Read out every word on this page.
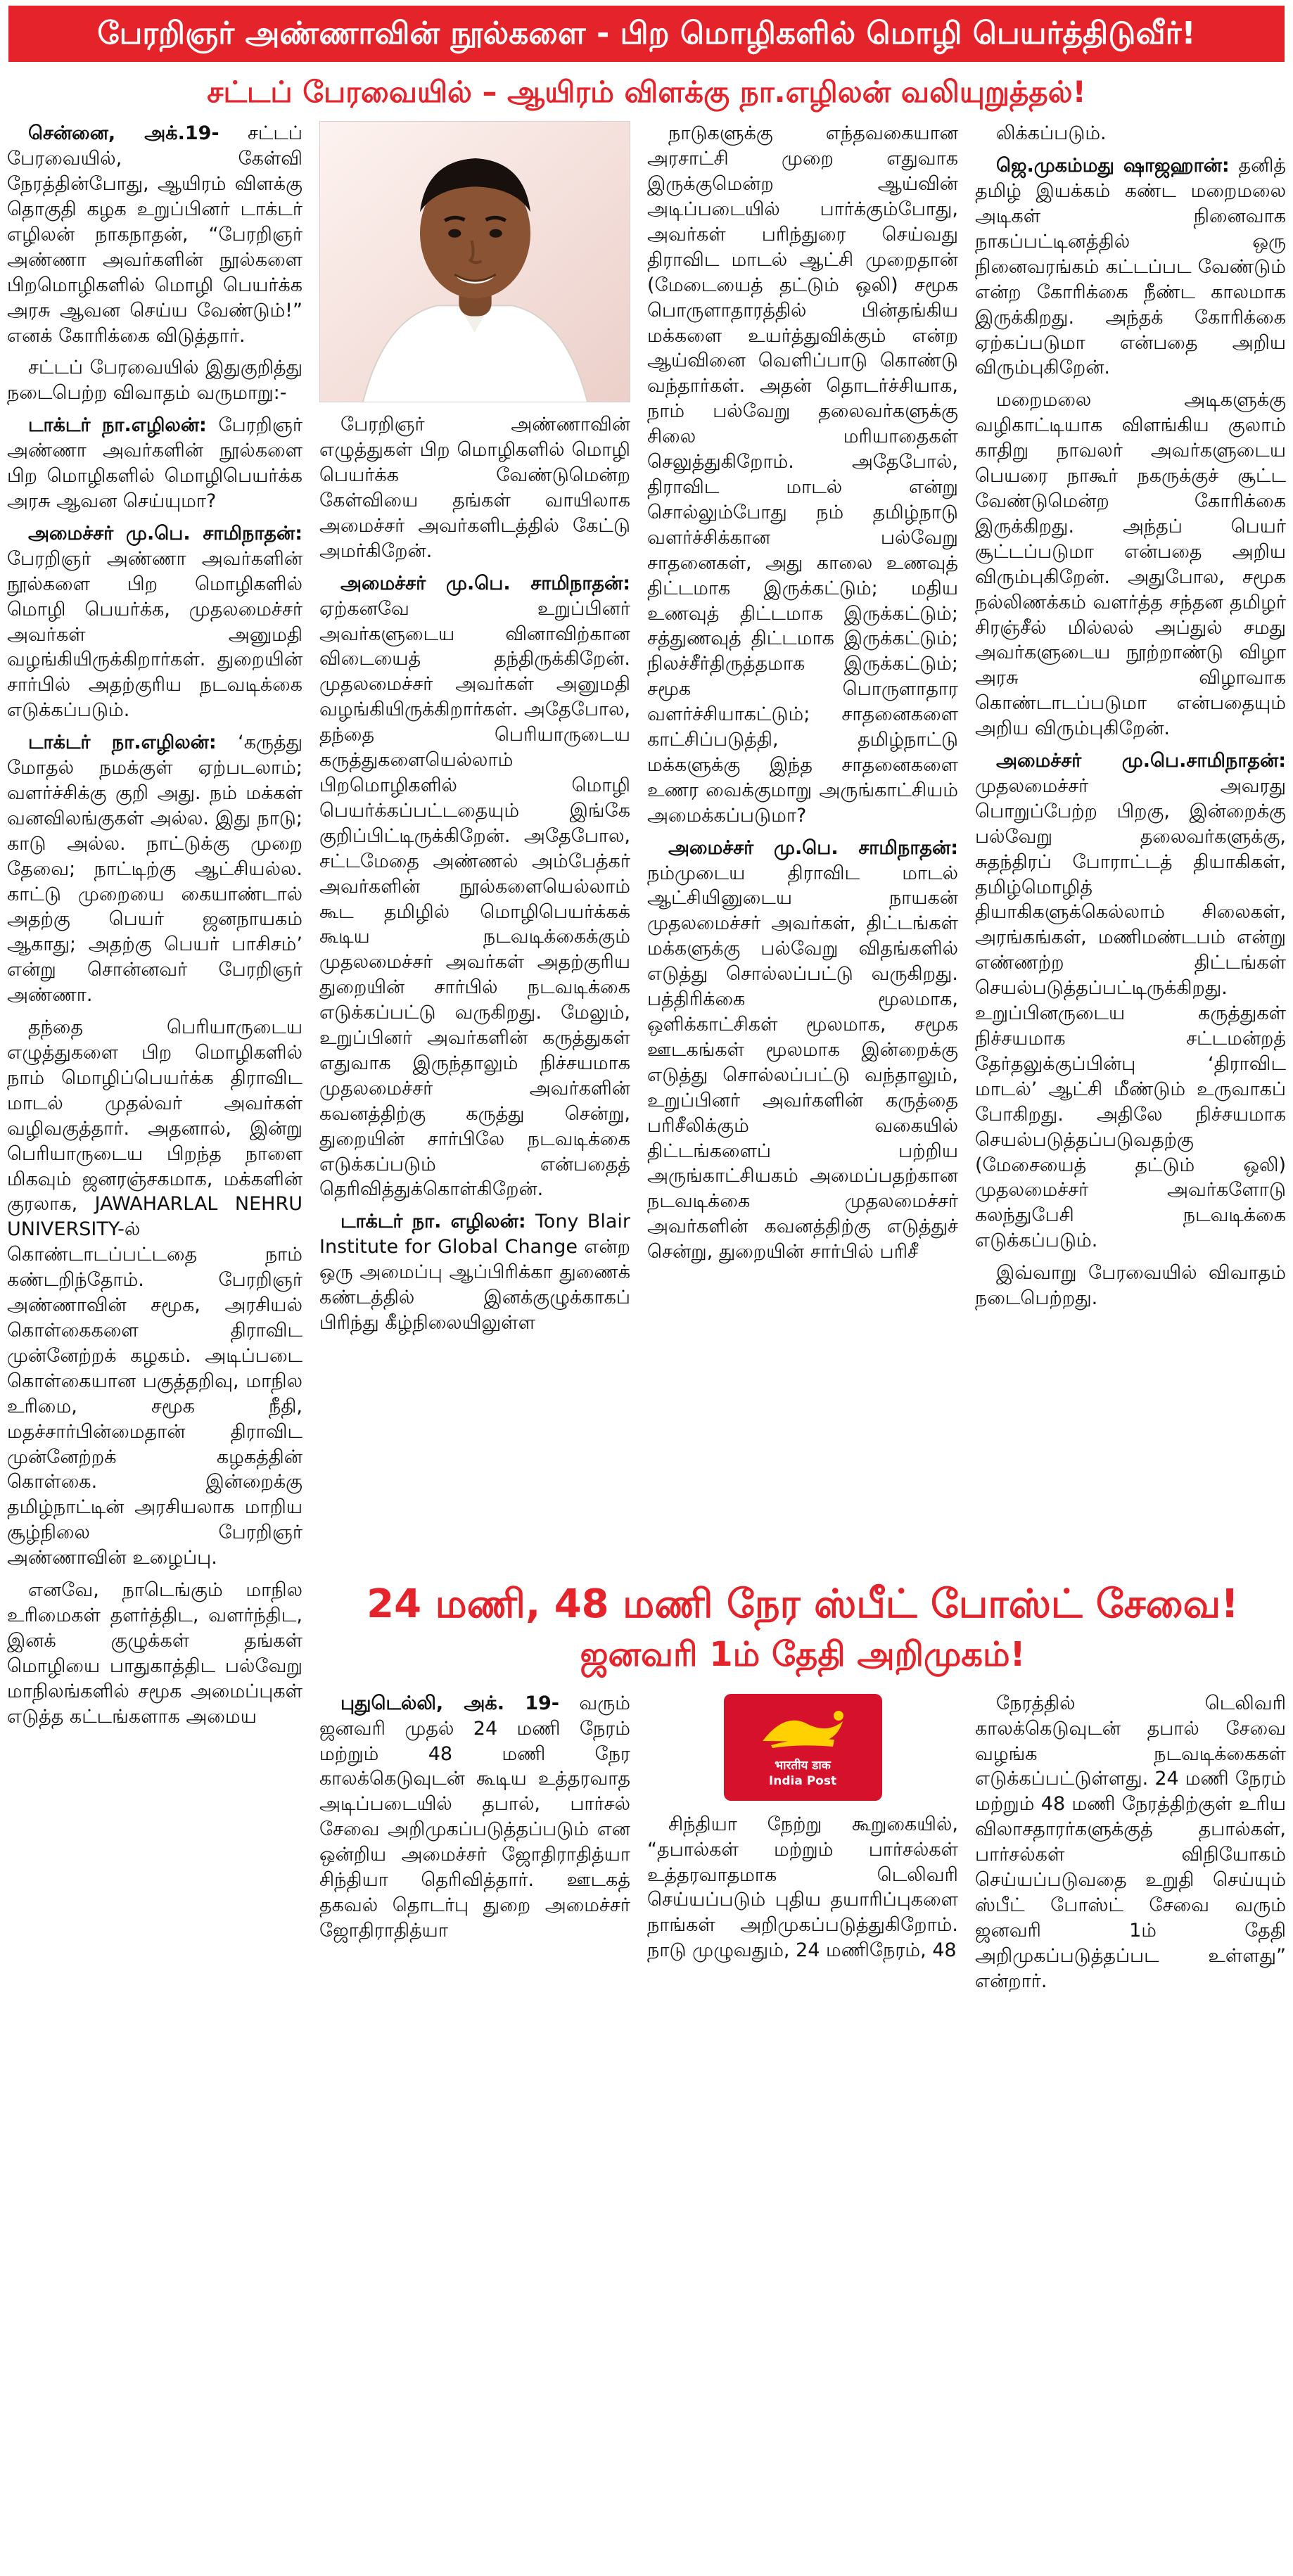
பேரறிஞர் அண்ணாவின் நூல்களை - பிற மொழிகளில் மொழி பெயர்த்திடுவீர்!
சட்டப் பேரவையில் – ஆயிரம் விளக்கு நா.எழிலன் வலியுறுத்தல்!

சென்னை, அக்.19- சட்டப் பேரவையில், கேள்வி நேரத்தின்போது, ஆயிரம் விளக்கு தொகுதி கழக உறுப்பினர் டாக்டர் எழிலன் நாகநாதன், “பேரறிஞர் அண்ணா அவர்களின் நூல்களை பிறமொழிகளில் மொழி பெயர்க்க அரசு ஆவன செய்ய வேண்டும்!” எனக் கோரிக்கை விடுத்தார்.

சட்டப் பேரவையில் இதுகுறித்து நடைபெற்ற விவாதம் வருமாறு:-

டாக்டர் நா.எழிலன்: பேரறிஞர் அண்ணா அவர்களின் நூல்களை பிற மொழிகளில் மொழிபெயர்க்க அரசு ஆவன செய்யுமா?

அமைச்சர் மு.பெ. சாமிநாதன்: பேரறிஞர் அண்ணா அவர்களின் நூல்களை பிற மொழிகளில் மொழி பெயர்க்க, முதலமைச்சர் அவர்கள் அனுமதி வழங்கியிருக்கிறார்கள். துறையின் சார்பில் அதற்குரிய நடவடிக்கை எடுக்கப்படும்.

டாக்டர் நா.எழிலன்: ‘கருத்து மோதல் நமக்குள் ஏற்படலாம்; வளர்ச்சிக்கு குறி அது. நம் மக்கள் வனவிலங்குகள் அல்ல. இது நாடு; காடு அல்ல. நாட்டுக்கு முறை தேவை; நாட்டிற்கு ஆட்சியல்ல. காட்டு முறையை கையாண்டால் அதற்கு பெயர் ஜனநாயகம் ஆகாது; அதற்கு பெயர் பாசிசம்’ என்று சொன்னவர் பேரறிஞர் அண்ணா.

தந்தை பெரியாருடைய எழுத்துகளை பிற மொழிகளில் நாம் மொழிப்பெயர்க்க திராவிட மாடல் முதல்வர் அவர்கள் வழிவகுத்தார். அதனால், இன்று பெரியாருடைய பிறந்த நாளை மிகவும் ஜனரஞ்சகமாக, மக்களின் குரலாக, JAWAHARLAL NEHRU UNIVERSITY-ல் கொண்டாடப்பட்டதை நாம் கண்டறிந்தோம். பேரறிஞர் அண்ணாவின் சமூக, அரசியல் கொள்கைகளை திராவிட முன்னேற்றக் கழகம். அடிப்படை கொள்கையான பகுத்தறிவு, மாநில உரிமை, சமூக நீதி, மதச்சார்பின்மைதான் திராவிட முன்னேற்றக் கழகத்தின் கொள்கை. இன்றைக்கு தமிழ்நாட்டின் அரசியலாக மாறிய சூழ்நிலை பேரறிஞர் அண்ணாவின் உழைப்பு.

எனவே, நாடெங்கும் மாநில உரிமைகள் தளர்த்திட, வளர்ந்திட, இனக் குழுக்கள் தங்கள் மொழியை பாதுகாத்திட பல்வேறு மாநிலங்களில் சமூக அமைப்புகள் எடுத்த கட்டங்களாக அமைய

பேரறிஞர் அண்ணாவின் எழுத்துகள் பிற மொழிகளில் மொழி பெயர்க்க வேண்டுமென்ற கேள்வியை தங்கள் வாயிலாக அமைச்சர் அவர்களிடத்தில் கேட்டு அமர்கிறேன்.

அமைச்சர் மு.பெ. சாமிநாதன்: ஏற்கனவே உறுப்பினர் அவர்களுடைய வினாவிற்கான விடையைத் தந்திருக்கிறேன். முதலமைச்சர் அவர்கள் அனுமதி வழங்கியிருக்கிறார்கள். அதேபோல, தந்தை பெரியாருடைய கருத்துகளையெல்லாம் பிறமொழிகளில் மொழி பெயர்க்கப்பட்டதையும் இங்கே குறிப்பிட்டிருக்கிறேன். அதேபோல, சட்டமேதை அண்ணல் அம்பேத்கர் அவர்களின் நூல்களையெல்லாம் கூட தமிழில் மொழிபெயர்க்கக் கூடிய நடவடிக்கைக்கும் முதலமைச்சர் அவர்கள் அதற்குரிய துறையின் சார்பில் நடவடிக்கை எடுக்கப்பட்டு வருகிறது. மேலும், உறுப்பினர் அவர்களின் கருத்துகள் எதுவாக இருந்தாலும் நிச்சயமாக முதலமைச்சர் அவர்களின் கவனத்திற்கு கருத்து சென்று, துறையின் சார்பிலே நடவடிக்கை எடுக்கப்படும் என்பதைத் தெரிவித்துக்கொள்கிறேன்.

டாக்டர் நா. எழிலன்: Tony Blair Institute for Global Change என்ற ஒரு அமைப்பு ஆப்பிரிக்கா துணைக் கண்டத்தில் இனக்குழுக்காகப் பிரிந்து கீழ்நிலையிலுள்ள

நாடுகளுக்கு எந்தவகையான அரசாட்சி முறை எதுவாக இருக்குமென்ற ஆய்வின் அடிப்படையில் பார்க்கும்போது, அவர்கள் பரிந்துரை செய்வது திராவிட மாடல் ஆட்சி முறைதான் (மேடையைத் தட்டும் ஒலி) சமூக பொருளாதாரத்தில் பின்தங்கிய மக்களை உயர்த்துவிக்கும் என்ற ஆய்வினை வெளிப்பாடு கொண்டு வந்தார்கள். அதன் தொடர்ச்சியாக, நாம் பல்வேறு தலைவர்களுக்கு சிலை மரியாதைகள் செலுத்துகிறோம். அதேபோல், திராவிட மாடல் என்று சொல்லும்போது நம் தமிழ்நாடு வளர்ச்சிக்கான பல்வேறு சாதனைகள், அது காலை உணவுத் திட்டமாக இருக்கட்டும்; மதிய உணவுத் திட்டமாக இருக்கட்டும்; சத்துணவுத் திட்டமாக இருக்கட்டும்; நிலச்சீர்திருத்தமாக இருக்கட்டும்; சமூக பொருளாதார வளர்ச்சியாகட்டும்; சாதனைகளை காட்சிப்படுத்தி, தமிழ்நாட்டு மக்களுக்கு இந்த சாதனைகளை உணர வைக்குமாறு அருங்காட்சியம் அமைக்கப்படுமா?

அமைச்சர் மு.பெ. சாமிநாதன்: நம்முடைய திராவிட மாடல் ஆட்சியினுடைய நாயகன் முதலமைச்சர் அவர்கள், திட்டங்கள் மக்களுக்கு பல்வேறு விதங்களில் எடுத்து சொல்லப்பட்டு வருகிறது. பத்திரிக்கை மூலமாக, ஒளிக்காட்சிகள் மூலமாக, சமூக ஊடகங்கள் மூலமாக இன்றைக்கு எடுத்து சொல்லப்பட்டு வந்தாலும், உறுப்பினர் அவர்களின் கருத்தை பரிசீலிக்கும் வகையில் திட்டங்களைப் பற்றிய அருங்காட்சியகம் அமைப்பதற்கான நடவடிக்கை முதலமைச்சர் அவர்களின் கவனத்திற்கு எடுத்துச் சென்று, துறையின் சார்பில் பரிசீ

லிக்கப்படும்.

ஜெ.முகம்மது ஷாஜஹான்: தனித் தமிழ் இயக்கம் கண்ட மறைமலை அடிகள் நினைவாக நாகப்பட்டினத்தில் ஒரு நினைவரங்கம் கட்டப்பட வேண்டும் என்ற கோரிக்கை நீண்ட காலமாக இருக்கிறது. அந்தக் கோரிக்கை ஏற்கப்படுமா என்பதை அறிய விரும்புகிறேன்.

மறைமலை அடிகளுக்கு வழிகாட்டியாக விளங்கிய குலாம் காதிறு நாவலர் அவர்களுடைய பெயரை நாகூர் நகருக்குச் சூட்ட வேண்டுமென்ற கோரிக்கை இருக்கிறது. அந்தப் பெயர் சூட்டப்படுமா என்பதை அறிய விரும்புகிறேன். அதுபோல, சமூக நல்லிணக்கம் வளர்த்த சந்தன தமிழர் சிரஞ்சீல் மில்லல் அப்துல் சமது அவர்களுடைய நூற்றாண்டு விழா அரசு விழாவாக கொண்டாடப்படுமா என்பதையும் அறிய விரும்புகிறேன்.

அமைச்சர் மு.பெ.சாமிநாதன்: முதலமைச்சர் அவரது பொறுப்பேற்ற பிறகு, இன்றைக்கு பல்வேறு தலைவர்களுக்கு, சுதந்திரப் போராட்டத் தியாகிகள், தமிழ்மொழித் தியாகிகளுக்கெல்லாம் சிலைகள், அரங்கங்கள், மணிமண்டபம் என்று எண்ணற்ற திட்டங்கள் செயல்படுத்தப்பட்டிருக்கிறது. உறுப்பினருடைய கருத்துகள் நிச்சயமாக சட்டமன்றத் தேர்தலுக்குப்பின்பு ‘திராவிட மாடல்’ ஆட்சி மீண்டும் உருவாகப் போகிறது. அதிலே நிச்சயமாக செயல்படுத்தப்படுவதற்கு (மேசையைத் தட்டும் ஒலி) முதலமைச்சர் அவர்களோடு கலந்துபேசி நடவடிக்கை எடுக்கப்படும்.

இவ்வாறு பேரவையில் விவாதம் நடைபெற்றது.

24 மணி, 48 மணி நேர ஸ்பீட் போஸ்ட் சேவை!
ஜனவரி 1ம் தேதி அறிமுகம்!

புதுடெல்லி, அக். 19- வரும் ஜனவரி முதல் 24 மணி நேரம் மற்றும் 48 மணி நேர காலக்கெடுவுடன் கூடிய உத்தரவாத அடிப்படையில் தபால், பார்சல் சேவை அறிமுகப்படுத்தப்படும் என ஒன்றிய அமைச்சர் ஜோதிராதித்யா சிந்தியா தெரிவித்தார். ஊடகத் தகவல் தொடர்பு துறை அமைச்சர் ஜோதிராதித்யா

भारतीय डाक
India Post

சிந்தியா நேற்று கூறுகையில், “தபால்கள் மற்றும் பார்சல்கள் உத்தரவாதமாக டெலிவரி செய்யப்படும் புதிய தயாரிப்புகளை நாங்கள் அறிமுகப்படுத்துகிறோம். நாடு முழுவதும், 24 மணிநேரம், 48

நேரத்தில் டெலிவரி காலக்கெடுவுடன் தபால் சேவை வழங்க நடவடிக்கைகள் எடுக்கப்பட்டுள்ளது. 24 மணி நேரம் மற்றும் 48 மணி நேரத்திற்குள் உரிய விலாசதாரர்களுக்குத் தபால்கள், பார்சல்கள் விநியோகம் செய்யப்படுவதை உறுதி செய்யும் ஸ்பீட் போஸ்ட் சேவை வரும் ஜனவரி 1ம் தேதி அறிமுகப்படுத்தப்பட உள்ளது” என்றார்.
